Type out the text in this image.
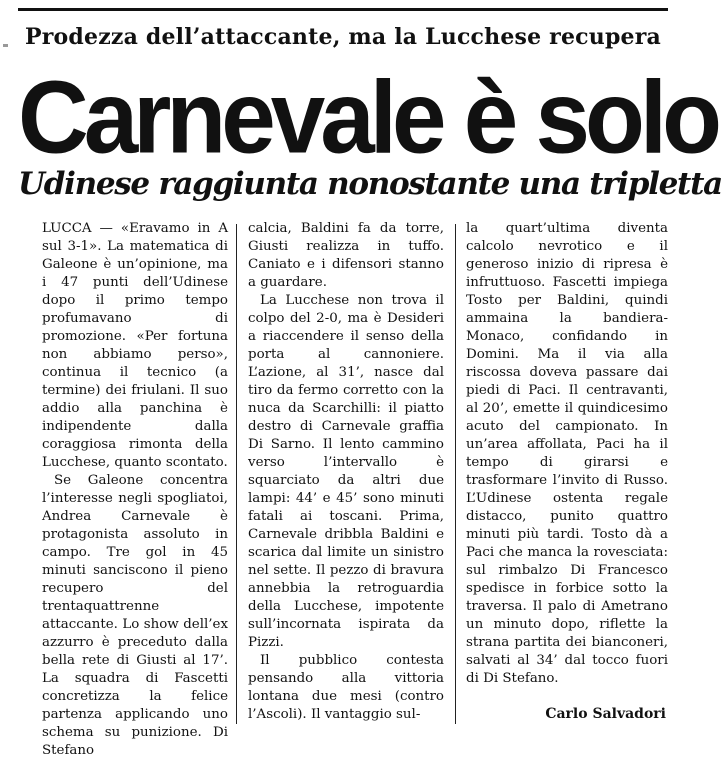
Prodezza dell’attaccante, ma la Lucchese recupera
Carnevale è solo
Udinese raggiunta nonostante una tripletta

LUCCA — «Eravamo in A sul 3-1». La matematica di Galeone è un’opinione, ma i 47 punti dell’Udinese dopo il primo tempo profumavano di promozione. «Per fortuna non abbiamo perso», continua il tecnico (a termine) dei friulani. Il suo addio alla panchina è indipendente dalla coraggiosa rimonta della Lucchese, quanto scontato.

Se Galeone concentra l’interesse negli spogliatoi, Andrea Carnevale è protagonista assoluto in campo. Tre gol in 45 minuti sanciscono il pieno recupero del trentaquattrenne attaccante. Lo show dell’ex azzurro è preceduto dalla bella rete di Giusti al 17’. La squadra di Fascetti concretizza la felice partenza applicando uno schema su punizione. Di Stefano

calcia, Baldini fa da torre, Giusti realizza in tuffo. Caniato e i difensori stanno a guardare.

La Lucchese non trova il colpo del 2-0, ma è Desideri a riaccendere il senso della porta al cannoniere. L’azione, al 31’, nasce dal tiro da fermo corretto con la nuca da Scarchilli: il piatto destro di Carnevale graffia Di Sarno. Il lento cammino verso l’intervallo è squarciato da altri due lampi: 44’ e 45’ sono minuti fatali ai toscani. Prima, Carnevale dribbla Baldini e scarica dal limite un sinistro nel sette. Il pezzo di bravura annebbia la retroguardia della Lucchese, impotente sull’incornata ispirata da Pizzi.

Il pubblico contesta pensando alla vittoria lontana due mesi (contro l’Ascoli). Il vantaggio sul-

la quart’ultima diventa calcolo nevrotico e il generoso inizio di ripresa è infruttuoso. Fascetti impiega Tosto per Baldini, quindi ammaina la bandiera-Monaco, confidando in Domini. Ma il via alla riscossa doveva passare dai piedi di Paci. Il centravanti, al 20’, emette il quindicesimo acuto del campionato. In un’area affollata, Paci ha il tempo di girarsi e trasformare l’invito di Russo. L’Udinese ostenta regale distacco, punito quattro minuti più tardi. Tosto dà a Paci che manca la rovesciata: sul rimbalzo Di Francesco spedisce in forbice sotto la traversa. Il palo di Ametrano un minuto dopo, riflette la strana partita dei bianconeri, salvati al 34’ dal tocco fuori di Di Stefano.

Carlo Salvadori
